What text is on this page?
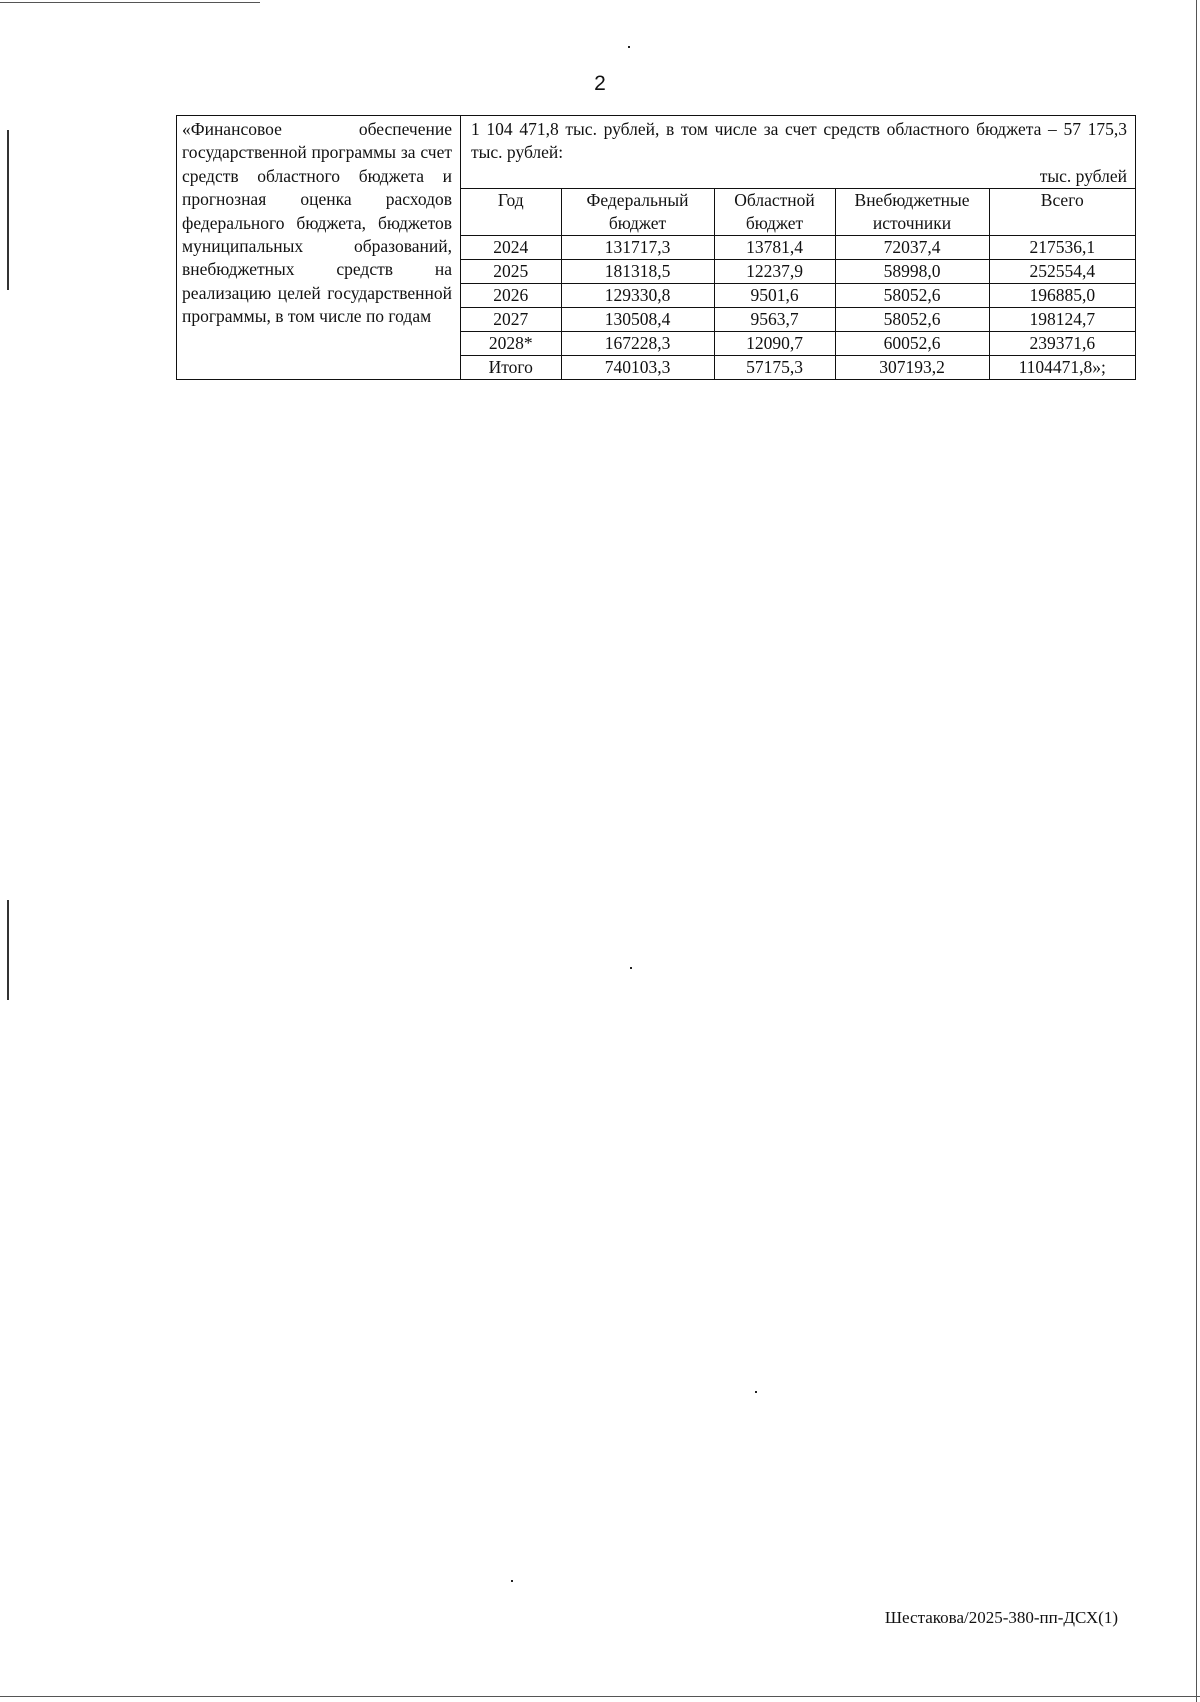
2
«Финансовое обеспечение государственной программы за счет средств областного бюджета и прогнозная оценка расходов федерального бюджета, бюджетов муниципальных образований, внебюджетных средств на реализацию целей государственной программы, в том числе по годам	
1 104 471,8 тыс. рублей, в том числе за счет средств областного бюджета – 57 175,3 тыс. рублей:
тыс. рублей
Год	Федеральный бюджет	Областной бюджет	Внебюджетные источники	Всего
2024	131717,3	13781,4	72037,4	217536,1
2025	181318,5	12237,9	58998,0	252554,4
2026	129330,8	9501,6	58052,6	196885,0
2027	130508,4	9563,7	58052,6	198124,7
2028*	167228,3	12090,7	60052,6	239371,6
Итого	740103,3	57175,3	307193,2	1104471,8»;
Шестакова/2025-380-пп-ДСХ(1)
